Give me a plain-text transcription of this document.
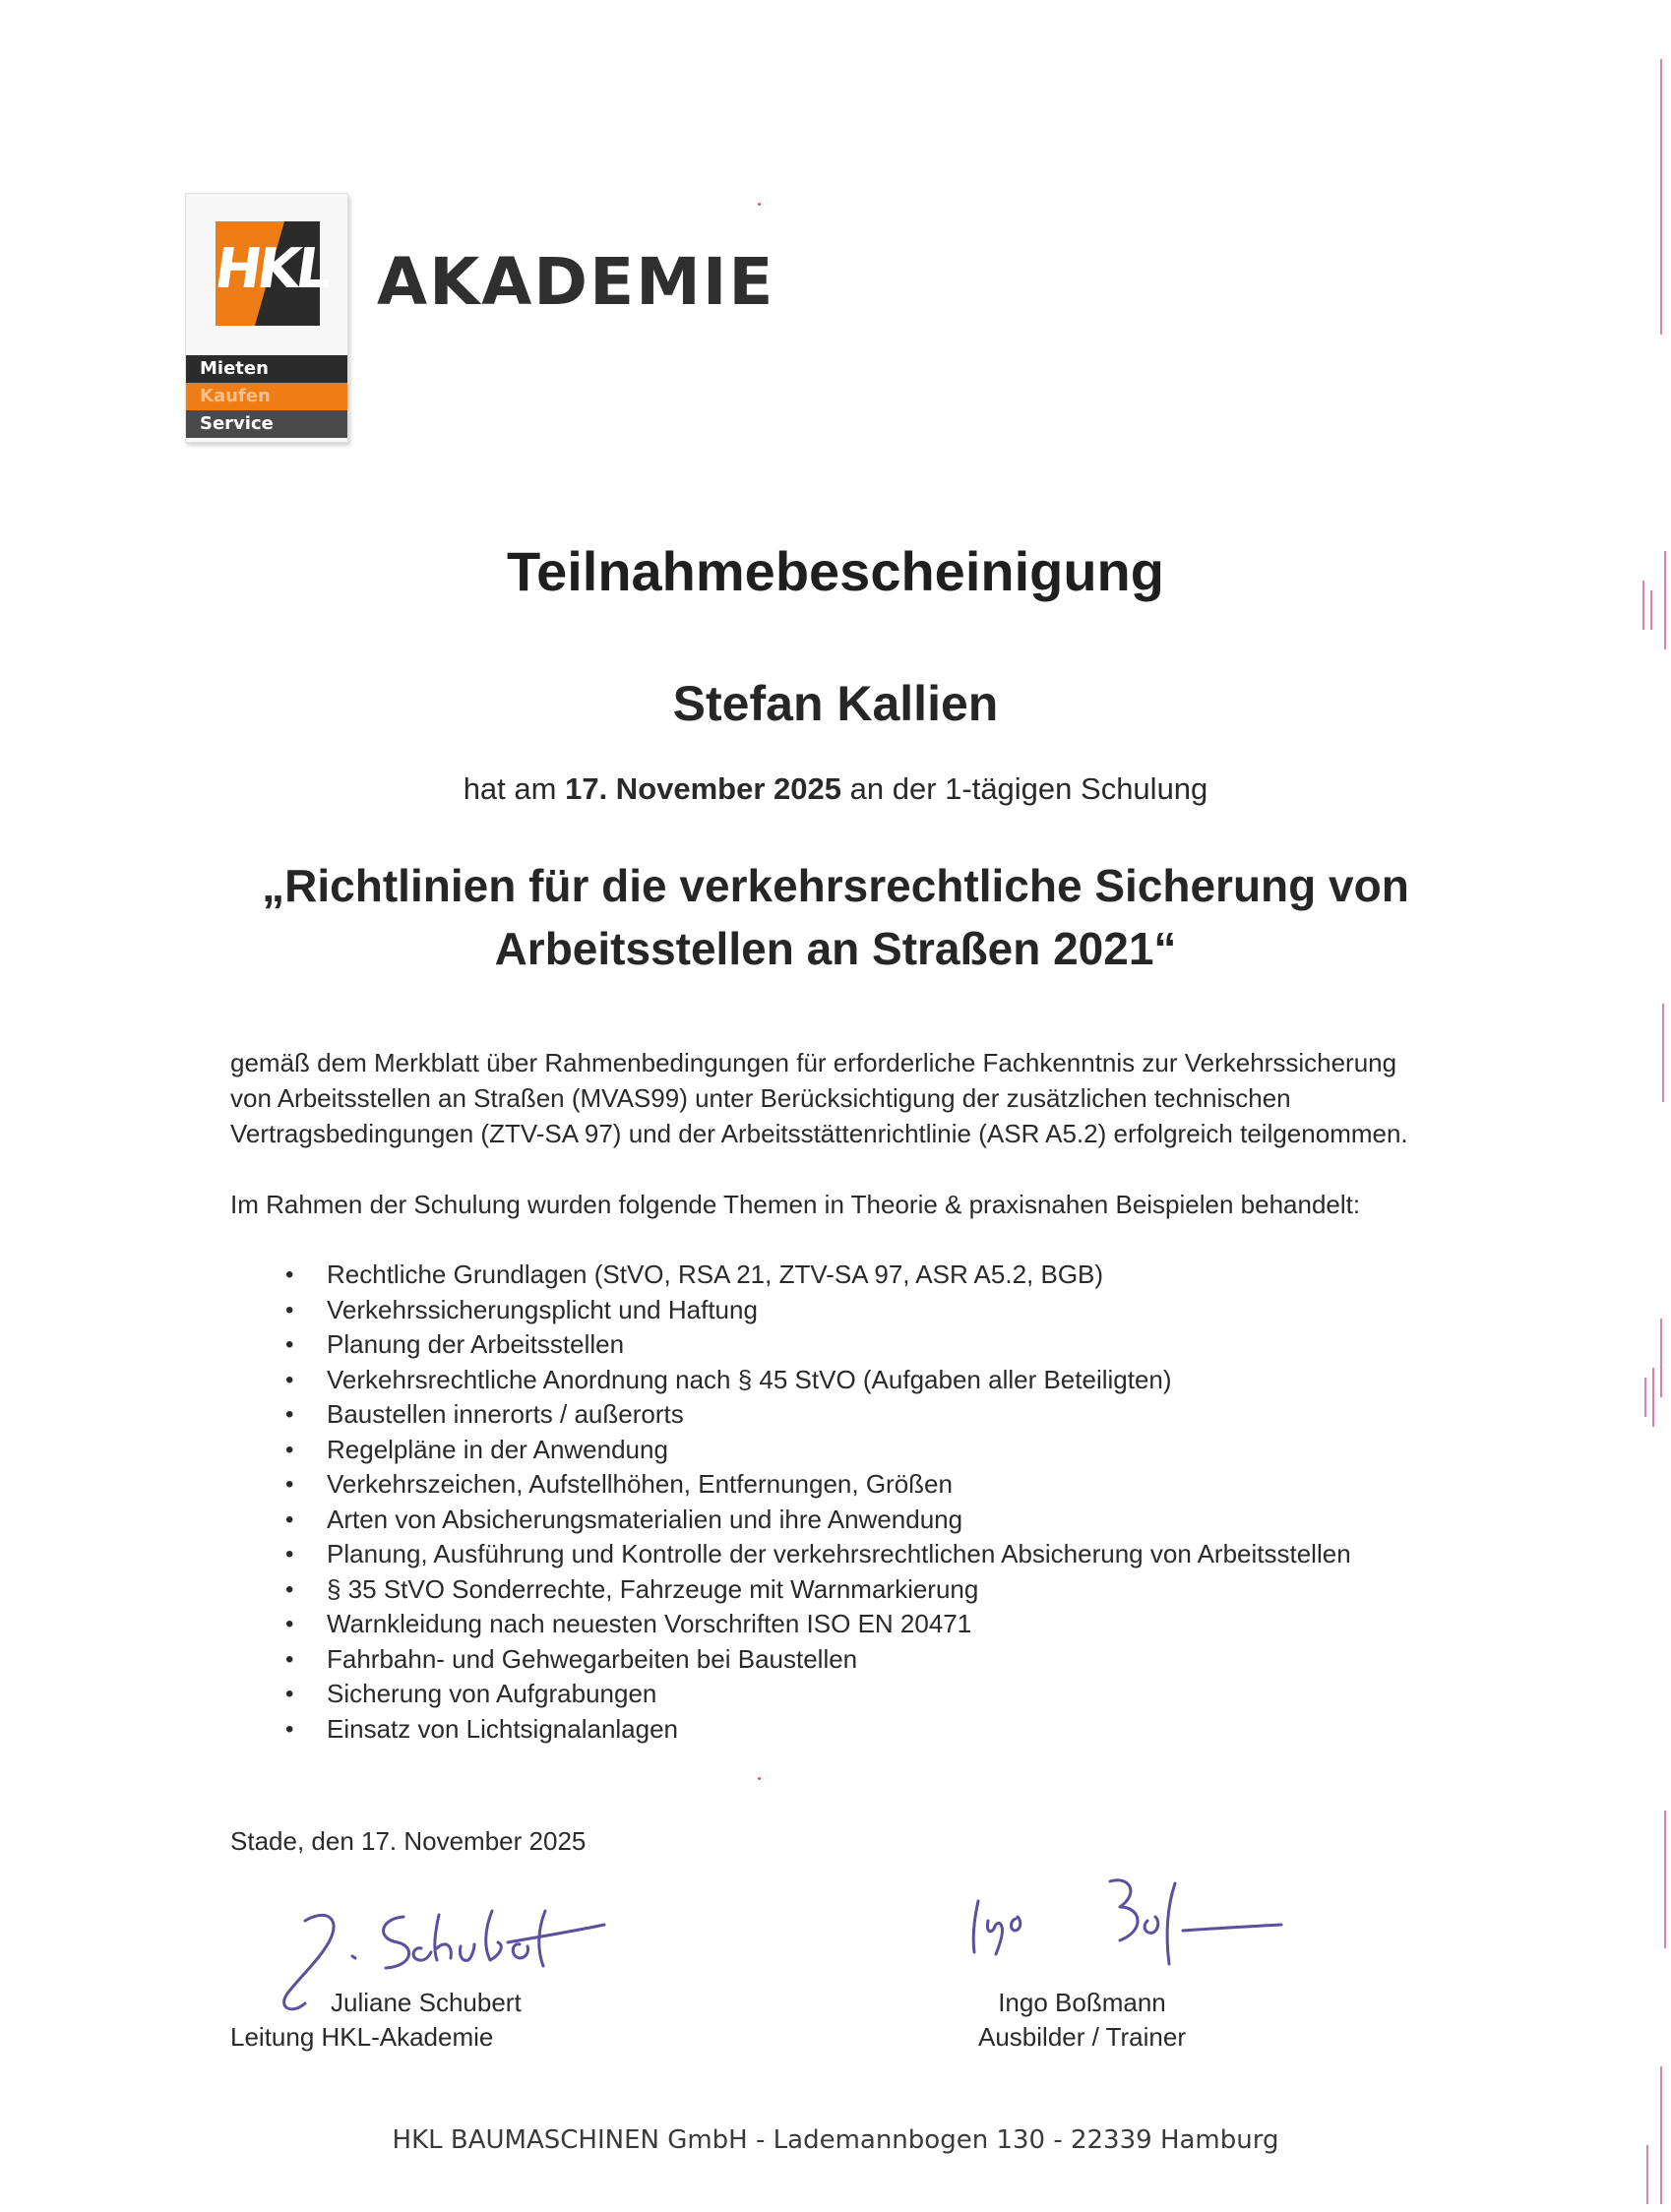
HKL
Mieten
Kaufen
Service
AKADEMIE
Teilnahmebescheinigung
Stefan Kallien
hat am 17. November 2025 an der 1-tägigen Schulung
„Richtlinien für die verkehrsrechtliche Sicherung von
Arbeitsstellen an Straßen 2021“
gemäß dem Merkblatt über Rahmenbedingungen für erforderliche Fachkenntnis zur Verkehrssicherung
von Arbeitsstellen an Straßen (MVAS99) unter Berücksichtigung der zusätzlichen technischen
Vertragsbedingungen (ZTV-SA 97) und der Arbeitsstättenrichtlinie (ASR A5.2) erfolgreich teilgenommen.
Im Rahmen der Schulung wurden folgende Themen in Theorie & praxisnahen Beispielen behandelt:
• Rechtliche Grundlagen (StVO, RSA 21, ZTV-SA 97, ASR A5.2, BGB)
• Verkehrssicherungsplicht und Haftung
• Planung der Arbeitsstellen
• Verkehrsrechtliche Anordnung nach § 45 StVO (Aufgaben aller Beteiligten)
• Baustellen innerorts / außerorts
• Regelpläne in der Anwendung
• Verkehrszeichen, Aufstellhöhen, Entfernungen, Größen
• Arten von Absicherungsmaterialien und ihre Anwendung
• Planung, Ausführung und Kontrolle der verkehrsrechtlichen Absicherung von Arbeitsstellen
• § 35 StVO Sonderrechte, Fahrzeuge mit Warnmarkierung
• Warnkleidung nach neuesten Vorschriften ISO EN 20471
• Fahrbahn- und Gehwegarbeiten bei Baustellen
• Sicherung von Aufgrabungen
• Einsatz von Lichtsignalanlagen
Stade, den 17. November 2025
Juliane Schubert
Leitung HKL-Akademie
Ingo Boßmann
Ausbilder / Trainer
HKL BAUMASCHINEN GmbH - Lademannbogen 130 - 22339 Hamburg
